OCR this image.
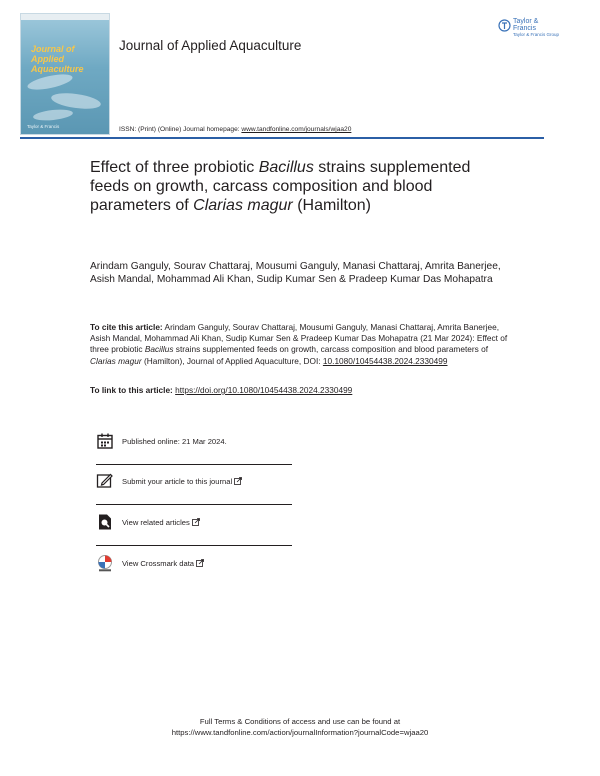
Journal of
Applied Aquaculture
Taylor & Francis
Journal of Applied Aquaculture
Taylor & Francis
Taylor & Francis Group
ISSN: (Print) (Online) Journal homepage: www.tandfonline.com/journals/wjaa20
Effect of three probiotic Bacillus strains supplemented feeds on growth, carcass composition and blood parameters of Clarias magur (Hamilton)
Arindam Ganguly, Sourav Chattaraj, Mousumi Ganguly, Manasi Chattaraj, Amrita Banerjee, Asish Mandal, Mohammad Ali Khan, Sudip Kumar Sen & Pradeep Kumar Das Mohapatra
To cite this article: Arindam Ganguly, Sourav Chattaraj, Mousumi Ganguly, Manasi Chattaraj, Amrita Banerjee, Asish Mandal, Mohammad Ali Khan, Sudip Kumar Sen & Pradeep Kumar Das Mohapatra (21 Mar 2024): Effect of three probiotic Bacillus strains supplemented feeds on growth, carcass composition and blood parameters of Clarias magur (Hamilton), Journal of Applied Aquaculture, DOI: 10.1080/10454438.2024.2330499
To link to this article: https://doi.org/10.1080/10454438.2024.2330499
Published online: 21 Mar 2024.
Submit your article to this journal
View related articles
View Crossmark data
Full Terms & Conditions of access and use can be found at
https://www.tandfonline.com/action/journalInformation?journalCode=wjaa20
